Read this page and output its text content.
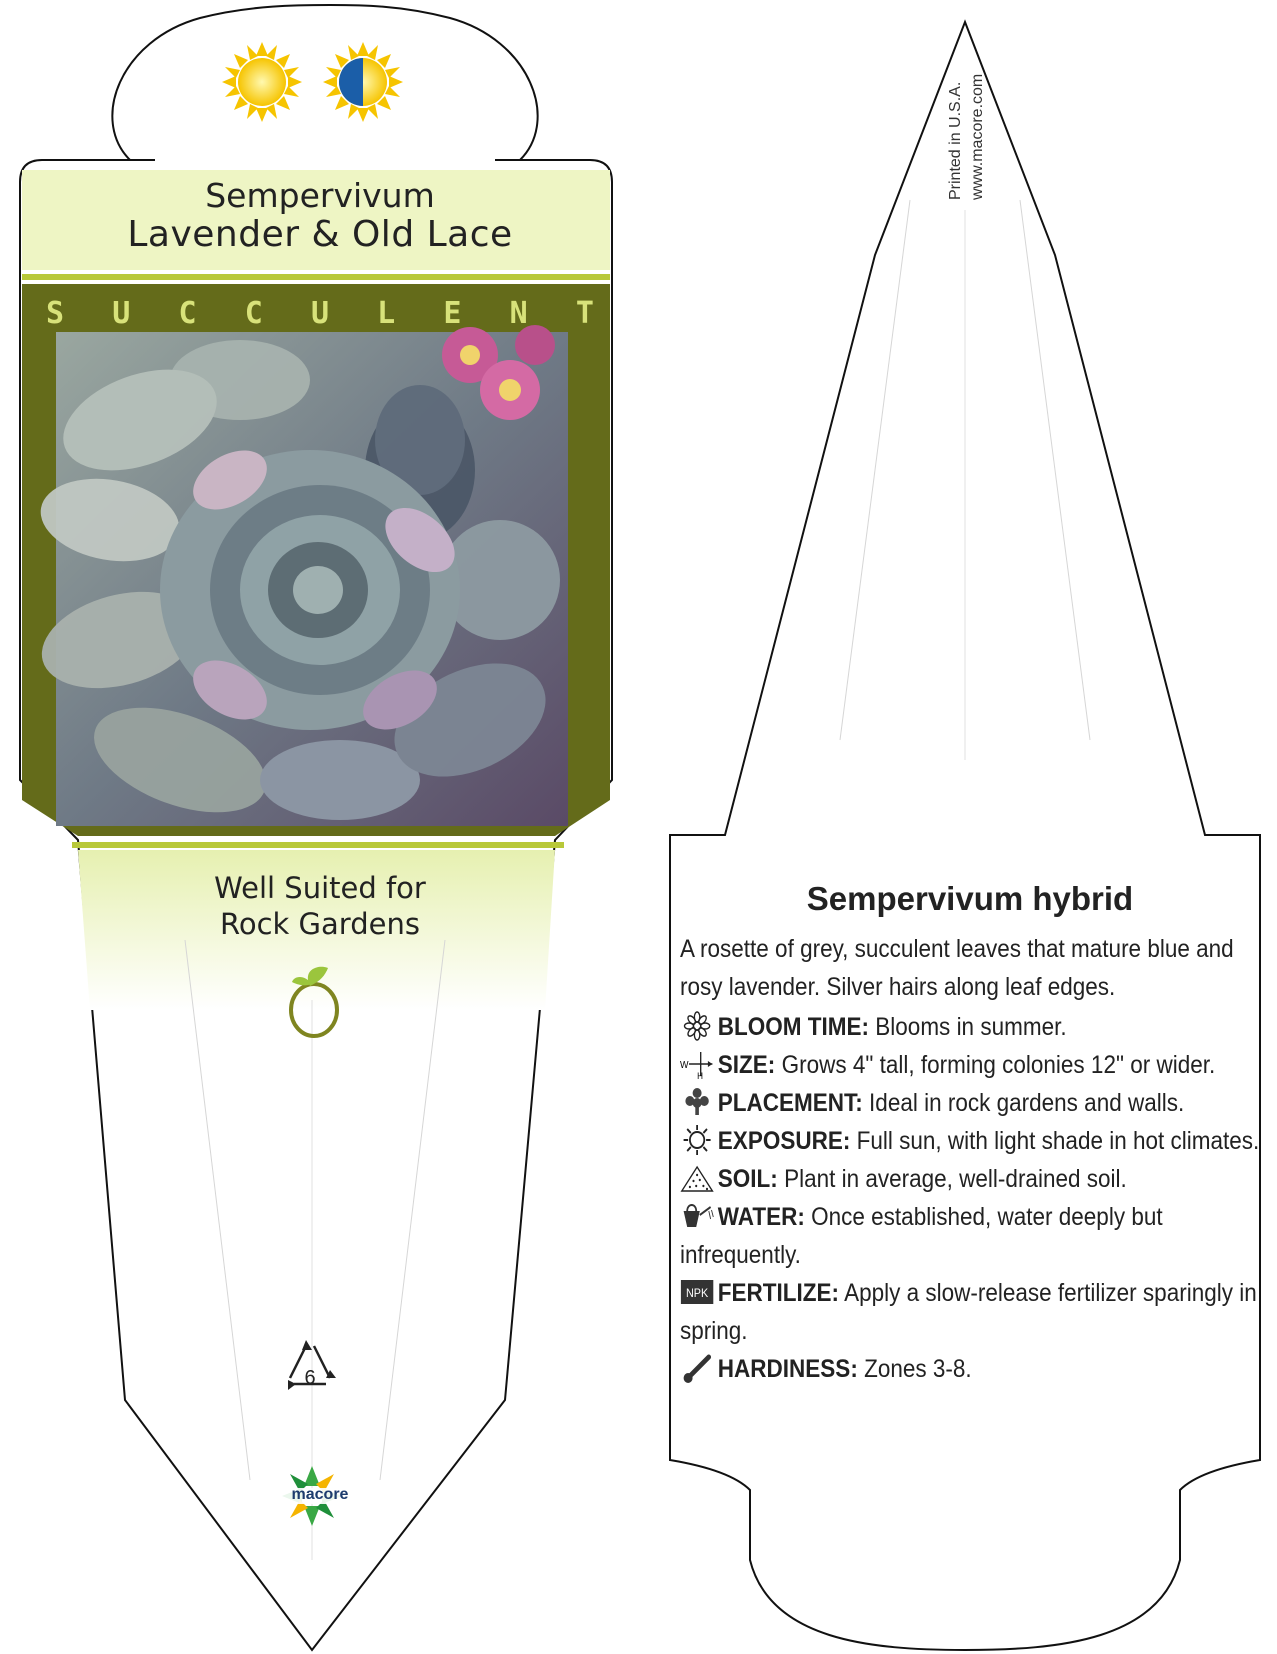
Sempervivum
Lavender & Old Lace
S U C C U L E N T
Well Suited for
Rock Gardens
6
macore
Printed in U.S.A. www.macore.com
Sempervivum hybrid
A rosette of grey, succulent leaves that mature blue and rosy lavender. Silver hairs along leaf edges.
BLOOM TIME: Blooms in summer.
W
H SIZE: Grows 4" tall, forming colonies 12" or wider.
PLACEMENT: Ideal in rock gardens and walls.
EXPOSURE: Full sun, with light shade in hot climates.
SOIL: Plant in average, well-drained soil.
WATER: Once established, water deeply but infrequently.
NPK FERTILIZE: Apply a slow-release fertilizer sparingly in spring.
HARDINESS: Zones 3-8.
